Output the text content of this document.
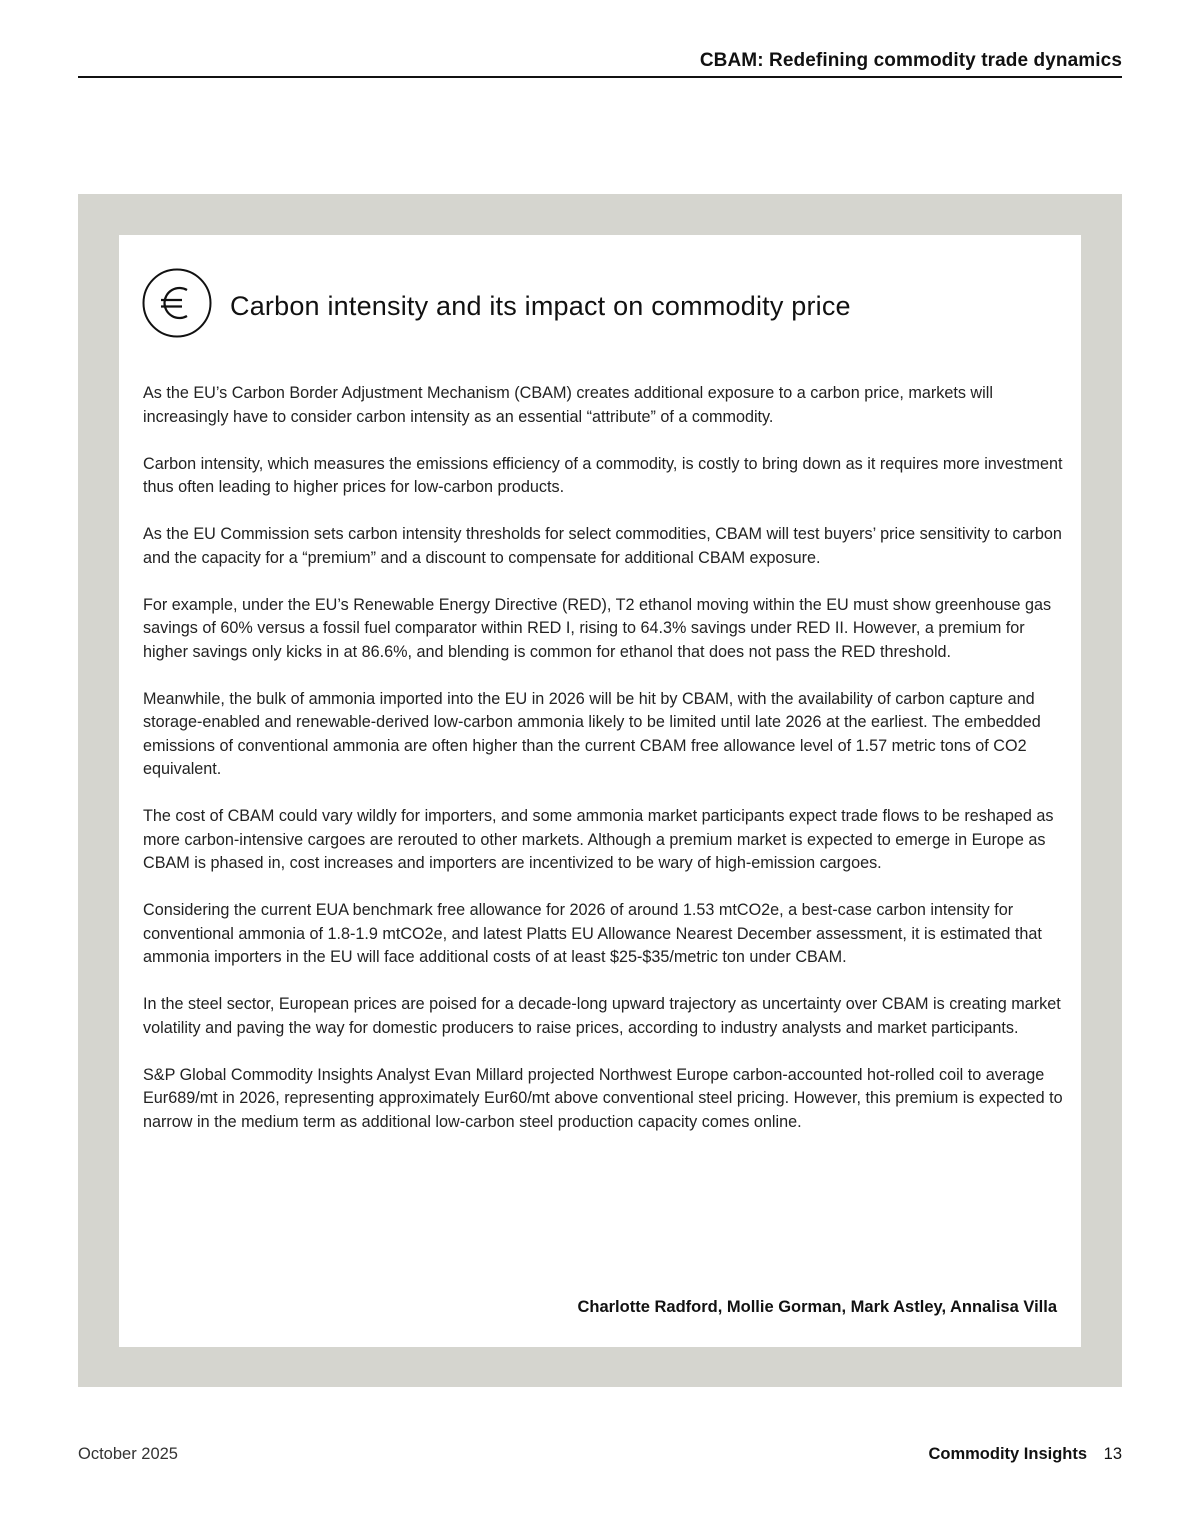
CBAM: Redefining commodity trade dynamics
Carbon intensity and its impact on commodity price

As the EU’s Carbon Border Adjustment Mechanism (CBAM) creates additional exposure to a carbon price, markets will increasingly have to consider carbon intensity as an essential “attribute” of a commodity.

Carbon intensity, which measures the emissions efficiency of a commodity, is costly to bring down as it requires more investment thus often leading to higher prices for low-carbon products.

As the EU Commission sets carbon intensity thresholds for select commodities, CBAM will test buyers’ price sensitivity to carbon and the capacity for a “premium” and a discount to compensate for additional CBAM exposure.

For example, under the EU’s Renewable Energy Directive (RED), T2 ethanol moving within the EU must show greenhouse gas savings of 60% versus a fossil fuel comparator within RED I, rising to 64.3% savings under RED II. However, a premium for higher savings only kicks in at 86.6%, and blending is common for ethanol that does not pass the RED threshold.

Meanwhile, the bulk of ammonia imported into the EU in 2026 will be hit by CBAM, with the availability of carbon capture and storage-enabled and renewable-derived low-carbon ammonia likely to be limited until late 2026 at the earliest. The embedded emissions of conventional ammonia are often higher than the current CBAM free allowance level of 1.57 metric tons of CO2 equivalent.

The cost of CBAM could vary wildly for importers, and some ammonia market participants expect trade flows to be reshaped as more carbon-intensive cargoes are rerouted to other markets. Although a premium market is expected to emerge in Europe as CBAM is phased in, cost increases and importers are incentivized to be wary of high-emission cargoes.

Considering the current EUA benchmark free allowance for 2026 of around 1.53 mtCO2e, a best-case carbon intensity for conventional ammonia of 1.8-1.9 mtCO2e, and latest Platts EU Allowance Nearest December assessment, it is estimated that ammonia importers in the EU will face additional costs of at least $25-$35/metric ton under CBAM.

In the steel sector, European prices are poised for a decade-long upward trajectory as uncertainty over CBAM is creating market volatility and paving the way for domestic producers to raise prices, according to industry analysts and market participants.

S&P Global Commodity Insights Analyst Evan Millard projected Northwest Europe carbon-accounted hot-rolled coil to average Eur689/mt in 2026, representing approximately Eur60/mt above conventional steel pricing. However, this premium is expected to narrow in the medium term as additional low-carbon steel production capacity comes online.

Charlotte Radford, Mollie Gorman, Mark Astley, Annalisa Villa
October 2025	Commodity Insights 13
